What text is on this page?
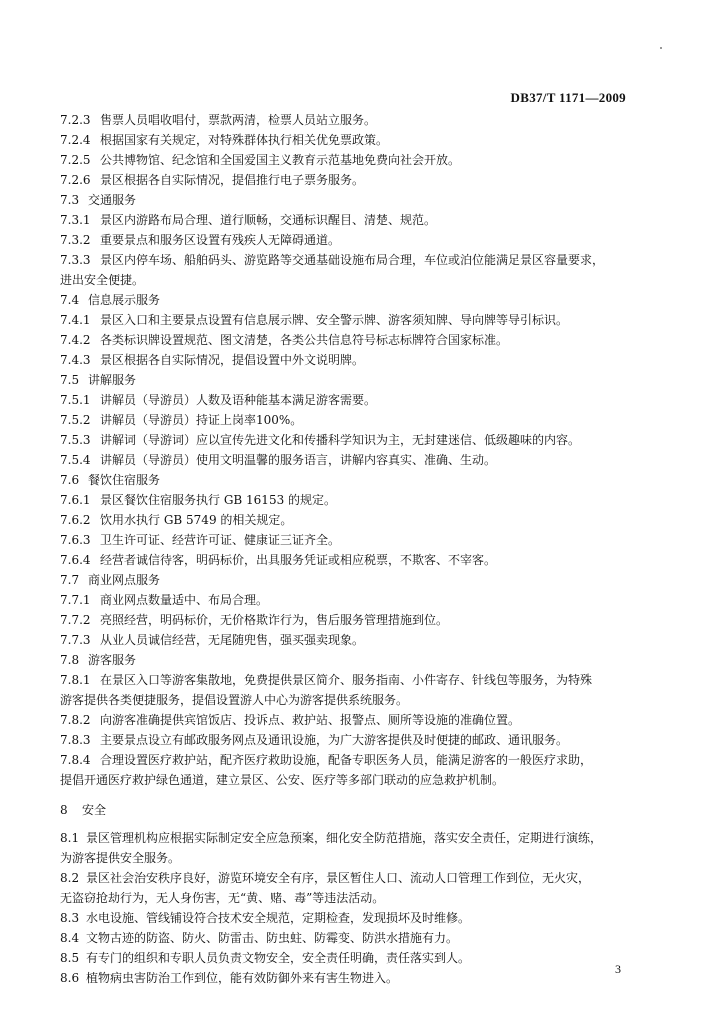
DB37/T 1171—2009
7.2.3 售票人员唱收唱付，票款两清，检票人员站立服务。
7.2.4 根据国家有关规定，对特殊群体执行相关优免票政策。
7.2.5 公共博物馆、纪念馆和全国爱国主义教育示范基地免费向社会开放。
7.2.6 景区根据各自实际情况，提倡推行电子票务服务。
7.3 交通服务
7.3.1 景区内游路布局合理、道行顺畅，交通标识醒目、清楚、规范。
7.3.2 重要景点和服务区设置有残疾人无障碍通道。
7.3.3 景区内停车场、船舶码头、游览路等交通基础设施布局合理，车位或泊位能满足景区容量要求，
进出安全便捷。
7.4 信息展示服务
7.4.1 景区入口和主要景点设置有信息展示牌、安全警示牌、游客须知牌、导向牌等导引标识。
7.4.2 各类标识牌设置规范、图文清楚，各类公共信息符号标志标牌符合国家标准。
7.4.3 景区根据各自实际情况，提倡设置中外文说明牌。
7.5 讲解服务
7.5.1 讲解员（导游员）人数及语种能基本满足游客需要。
7.5.2 讲解员（导游员）持证上岗率100%。
7.5.3 讲解词（导游词）应以宣传先进文化和传播科学知识为主，无封建迷信、低级趣味的内容。
7.5.4 讲解员（导游员）使用文明温馨的服务语言，讲解内容真实、准确、生动。
7.6 餐饮住宿服务
7.6.1 景区餐饮住宿服务执行 GB 16153 的规定。
7.6.2 饮用水执行 GB 5749 的相关规定。
7.6.3 卫生许可证、经营许可证、健康证三证齐全。
7.6.4 经营者诚信待客，明码标价，出具服务凭证或相应税票，不欺客、不宰客。
7.7 商业网点服务
7.7.1 商业网点数量适中、布局合理。
7.7.2 亮照经营，明码标价，无价格欺诈行为，售后服务管理措施到位。
7.7.3 从业人员诚信经营，无尾随兜售，强买强卖现象。
7.8 游客服务
7.8.1 在景区入口等游客集散地，免费提供景区简介、服务指南、小件寄存、针线包等服务，为特殊
游客提供各类便捷服务，提倡设置游人中心为游客提供系统服务。
7.8.2 向游客准确提供宾馆饭店、投诉点、救护站、报警点、厕所等设施的准确位置。
7.8.3 主要景点设立有邮政服务网点及通讯设施，为广大游客提供及时便捷的邮政、通讯服务。
7.8.4 合理设置医疗救护站，配齐医疗救助设施，配备专职医务人员，能满足游客的一般医疗求助，
提倡开通医疗救护绿色通道，建立景区、公安、医疗等多部门联动的应急救护机制。
8 安全
8.1 景区管理机构应根据实际制定安全应急预案，细化安全防范措施，落实安全责任，定期进行演练，
为游客提供安全服务。
8.2 景区社会治安秩序良好，游览环境安全有序，景区暂住人口、流动人口管理工作到位，无火灾，
无盗窃抢劫行为，无人身伤害，无“黄、赌、毒”等违法活动。
8.3 水电设施、管线铺设符合技术安全规范，定期检查，发现损坏及时维修。
8.4 文物古迹的防盗、防火、防雷击、防虫蛀、防霉变、防洪水措施有力。
8.5 有专门的组织和专职人员负责文物安全，安全责任明确，责任落实到人。
8.6 植物病虫害防治工作到位，能有效防御外来有害生物进入。
3
